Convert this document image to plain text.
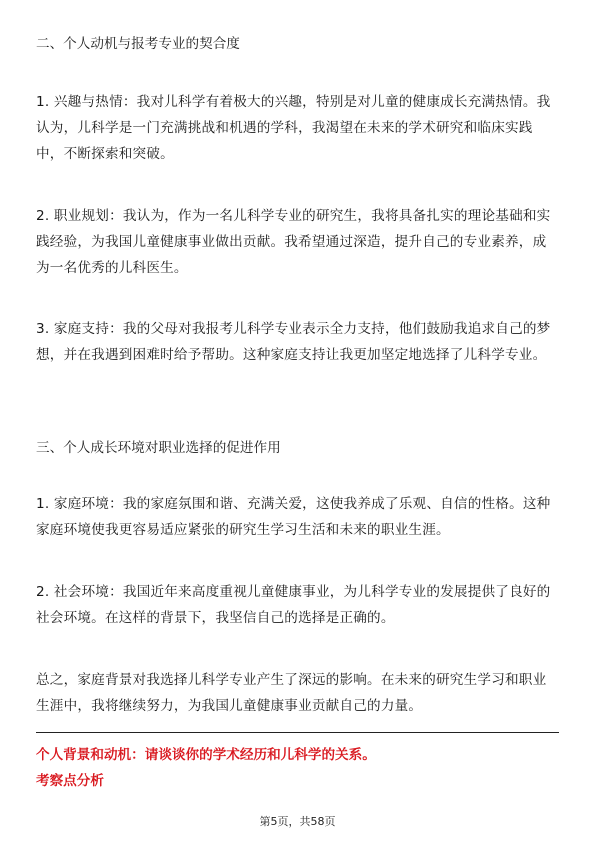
二、个人动机与报考专业的契合度
1. 兴趣与热情：我对儿科学有着极大的兴趣，特别是对儿童的健康成长充满热情。我认为，儿科学是一门充满挑战和机遇的学科，我渴望在未来的学术研究和临床实践中，不断探索和突破。
2. 职业规划：我认为，作为一名儿科学专业的研究生，我将具备扎实的理论基础和实践经验，为我国儿童健康事业做出贡献。我希望通过深造，提升自己的专业素养，成为一名优秀的儿科医生。
3. 家庭支持：我的父母对我报考儿科学专业表示全力支持，他们鼓励我追求自己的梦想，并在我遇到困难时给予帮助。这种家庭支持让我更加坚定地选择了儿科学专业。
三、个人成长环境对职业选择的促进作用
1. 家庭环境：我的家庭氛围和谐、充满关爱，这使我养成了乐观、自信的性格。这种家庭环境使我更容易适应紧张的研究生学习生活和未来的职业生涯。
2. 社会环境：我国近年来高度重视儿童健康事业，为儿科学专业的发展提供了良好的社会环境。在这样的背景下，我坚信自己的选择是正确的。
总之，家庭背景对我选择儿科学专业产生了深远的影响。在未来的研究生学习和职业生涯中，我将继续努力，为我国儿童健康事业贡献自己的力量。
个人背景和动机：请谈谈你的学术经历和儿科学的关系。
考察点分析
第5页，共58页
